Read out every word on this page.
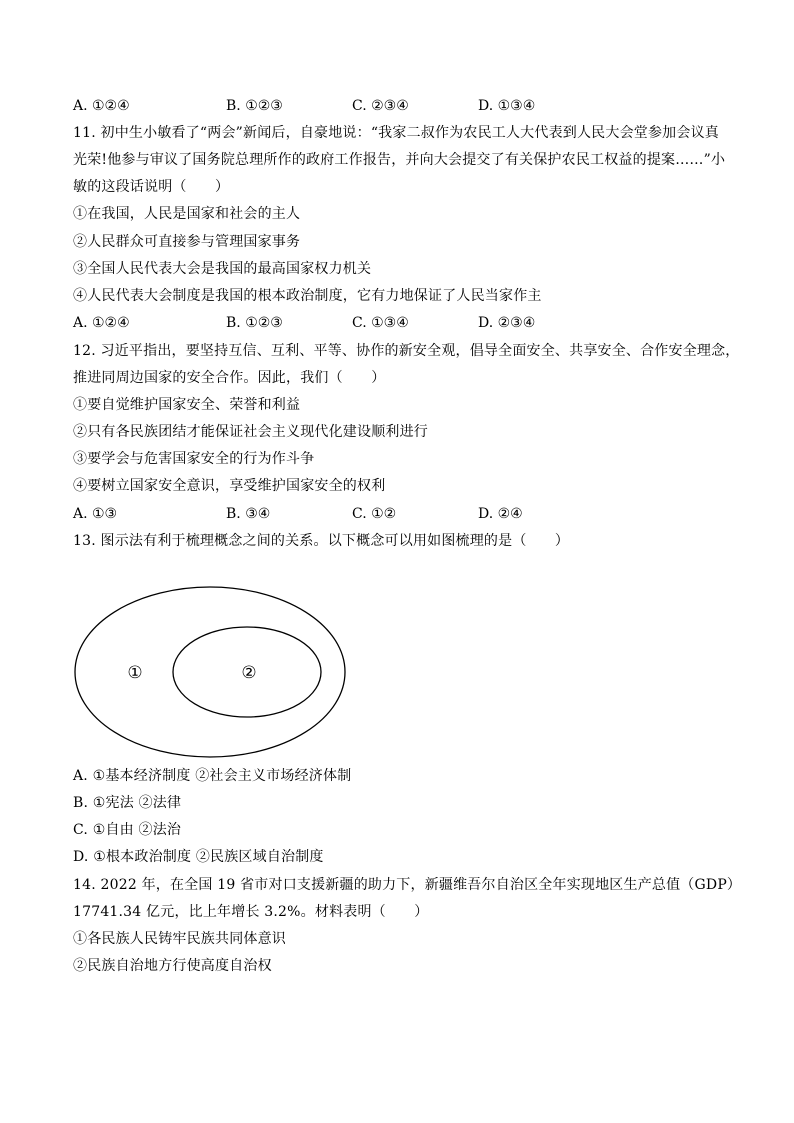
A. ①②④	B. ①②③	C. ②③④	D. ①③④
11. 初中生小敏看了“两会”新闻后，自豪地说：“我家二叔作为农民工人大代表到人民大会堂参加会议真
光荣!他参与审议了国务院总理所作的政府工作报告，并向大会提交了有关保护农民工权益的提案……”小
敏的这段话说明（　　）
①在我国，人民是国家和社会的主人
②人民群众可直接参与管理国家事务
③全国人民代表大会是我国的最高国家权力机关
④人民代表大会制度是我国的根本政治制度，它有力地保证了人民当家作主
A. ①②④	B. ①②③	C. ①③④	D. ②③④
12. 习近平指出，要坚持互信、互利、平等、协作的新安全观，倡导全面安全、共享安全、合作安全理念，
推进同周边国家的安全合作。因此，我们（　　）
①要自觉维护国家安全、荣誉和利益
②只有各民族团结才能保证社会主义现代化建设顺利进行
③要学会与危害国家安全的行为作斗争
④要树立国家安全意识，享受维护国家安全的权利
A. ①③	B. ③④	C. ①②	D. ②④
13. 图示法有利于梳理概念之间的关系。以下概念可以用如图梳理的是（　　）
①	②
A. ①基本经济制度 ②社会主义市场经济体制
B. ①宪法 ②法律
C. ①自由 ②法治
D. ①根本政治制度 ②民族区域自治制度
14. 2022 年，在全国 19 省市对口支援新疆的助力下，新疆维吾尔自治区全年实现地区生产总值（GDP）
17741.34 亿元，比上年增长 3.2%。材料表明（　　）
①各民族人民铸牢民族共同体意识
②民族自治地方行使高度自治权
